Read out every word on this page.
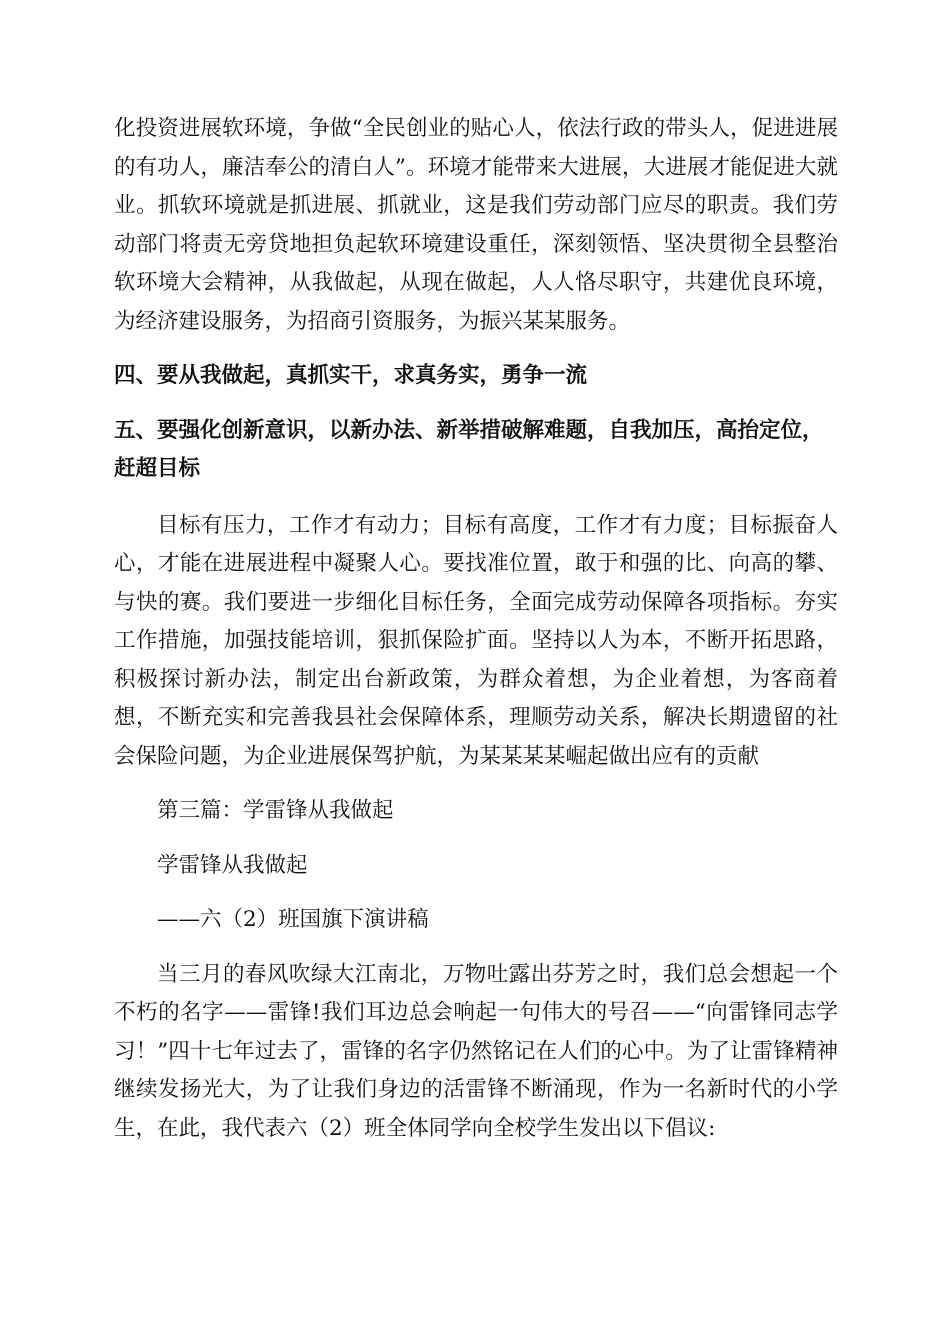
化投资进展软环境，争做“全民创业的贴心人，依法行政的带头人，促进进展的有功人，廉洁奉公的清白人”。环境才能带来大进展，大进展才能促进大就业。抓软环境就是抓进展、抓就业，这是我们劳动部门应尽的职责。我们劳动部门将责无旁贷地担负起软环境建设重任，深刻领悟、坚决贯彻全县整治软环境大会精神，从我做起，从现在做起，人人恪尽职守，共建优良环境，为经济建设服务，为招商引资服务，为振兴某某服务。

四、要从我做起，真抓实干，求真务实，勇争一流

五、要强化创新意识，以新办法、新举措破解难题，自我加压，高抬定位，赶超目标

目标有压力，工作才有动力；目标有高度，工作才有力度；目标振奋人心，才能在进展进程中凝聚人心。要找准位置，敢于和强的比、向高的攀、与快的赛。我们要进一步细化目标任务，全面完成劳动保障各项指标。夯实工作措施，加强技能培训，狠抓保险扩面。坚持以人为本，不断开拓思路，积极探讨新办法，制定出台新政策，为群众着想，为企业着想，为客商着想，不断充实和完善我县社会保障体系，理顺劳动关系，解决长期遗留的社会保险问题，为企业进展保驾护航，为某某某某崛起做出应有的贡献

第三篇：学雷锋从我做起

学雷锋从我做起

——六（2）班国旗下演讲稿

当三月的春风吹绿大江南北，万物吐露出芬芳之时，我们总会想起一个不朽的名字——雷锋!我们耳边总会响起一句伟大的号召——“向雷锋同志学习！”四十七年过去了，雷锋的名字仍然铭记在人们的心中。为了让雷锋精神继续发扬光大，为了让我们身边的活雷锋不断涌现，作为一名新时代的小学生，在此，我代表六（2）班全体同学向全校学生发出以下倡议:
